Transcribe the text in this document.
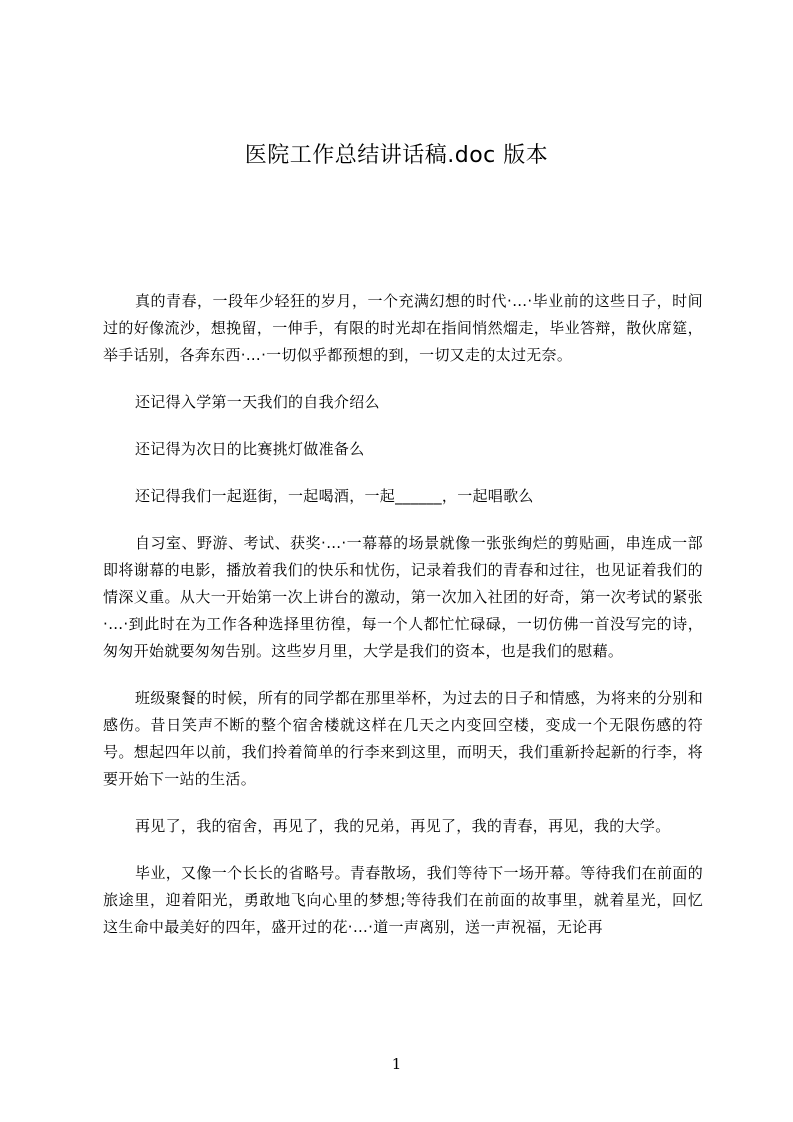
医院工作总结讲话稿.doc 版本

真的青春，一段年少轻狂的岁月，一个充满幻想的时代·…·毕业前的这些日子，时间过的好像流沙，想挽留，一伸手，有限的时光却在指间悄然熘走，毕业答辩，散伙席筵，举手话别，各奔东西·…·一切似乎都预想的到，一切又走的太过无奈。

还记得入学第一天我们的自我介绍么

还记得为次日的比赛挑灯做准备么

还记得我们一起逛街，一起喝酒，一起______，一起唱歌么

自习室、野游、考试、获奖·…·一幕幕的场景就像一张张绚烂的剪贴画，串连成一部即将谢幕的电影，播放着我们的快乐和忧伤，记录着我们的青春和过往，也见证着我们的情深义重。从大一开始第一次上讲台的激动，第一次加入社团的好奇，第一次考试的紧张·…·到此时在为工作各种选择里彷徨，每一个人都忙忙碌碌，一切仿佛一首没写完的诗，匆匆开始就要匆匆告别。这些岁月里，大学是我们的资本，也是我们的慰藉。

班级聚餐的时候，所有的同学都在那里举杯，为过去的日子和情感，为将来的分别和感伤。昔日笑声不断的整个宿舍楼就这样在几天之内变回空楼，变成一个无限伤感的符号。想起四年以前，我们拎着简单的行李来到这里，而明天，我们重新拎起新的行李，将要开始下一站的生活。

再见了，我的宿舍，再见了，我的兄弟，再见了，我的青春，再见，我的大学。

毕业，又像一个长长的省略号。青春散场，我们等待下一场开幕。等待我们在前面的旅途里，迎着阳光，勇敢地飞向心里的梦想;等待我们在前面的故事里，就着星光，回忆这生命中最美好的四年，盛开过的花·…·道一声离别，送一声祝福，无论再

1
